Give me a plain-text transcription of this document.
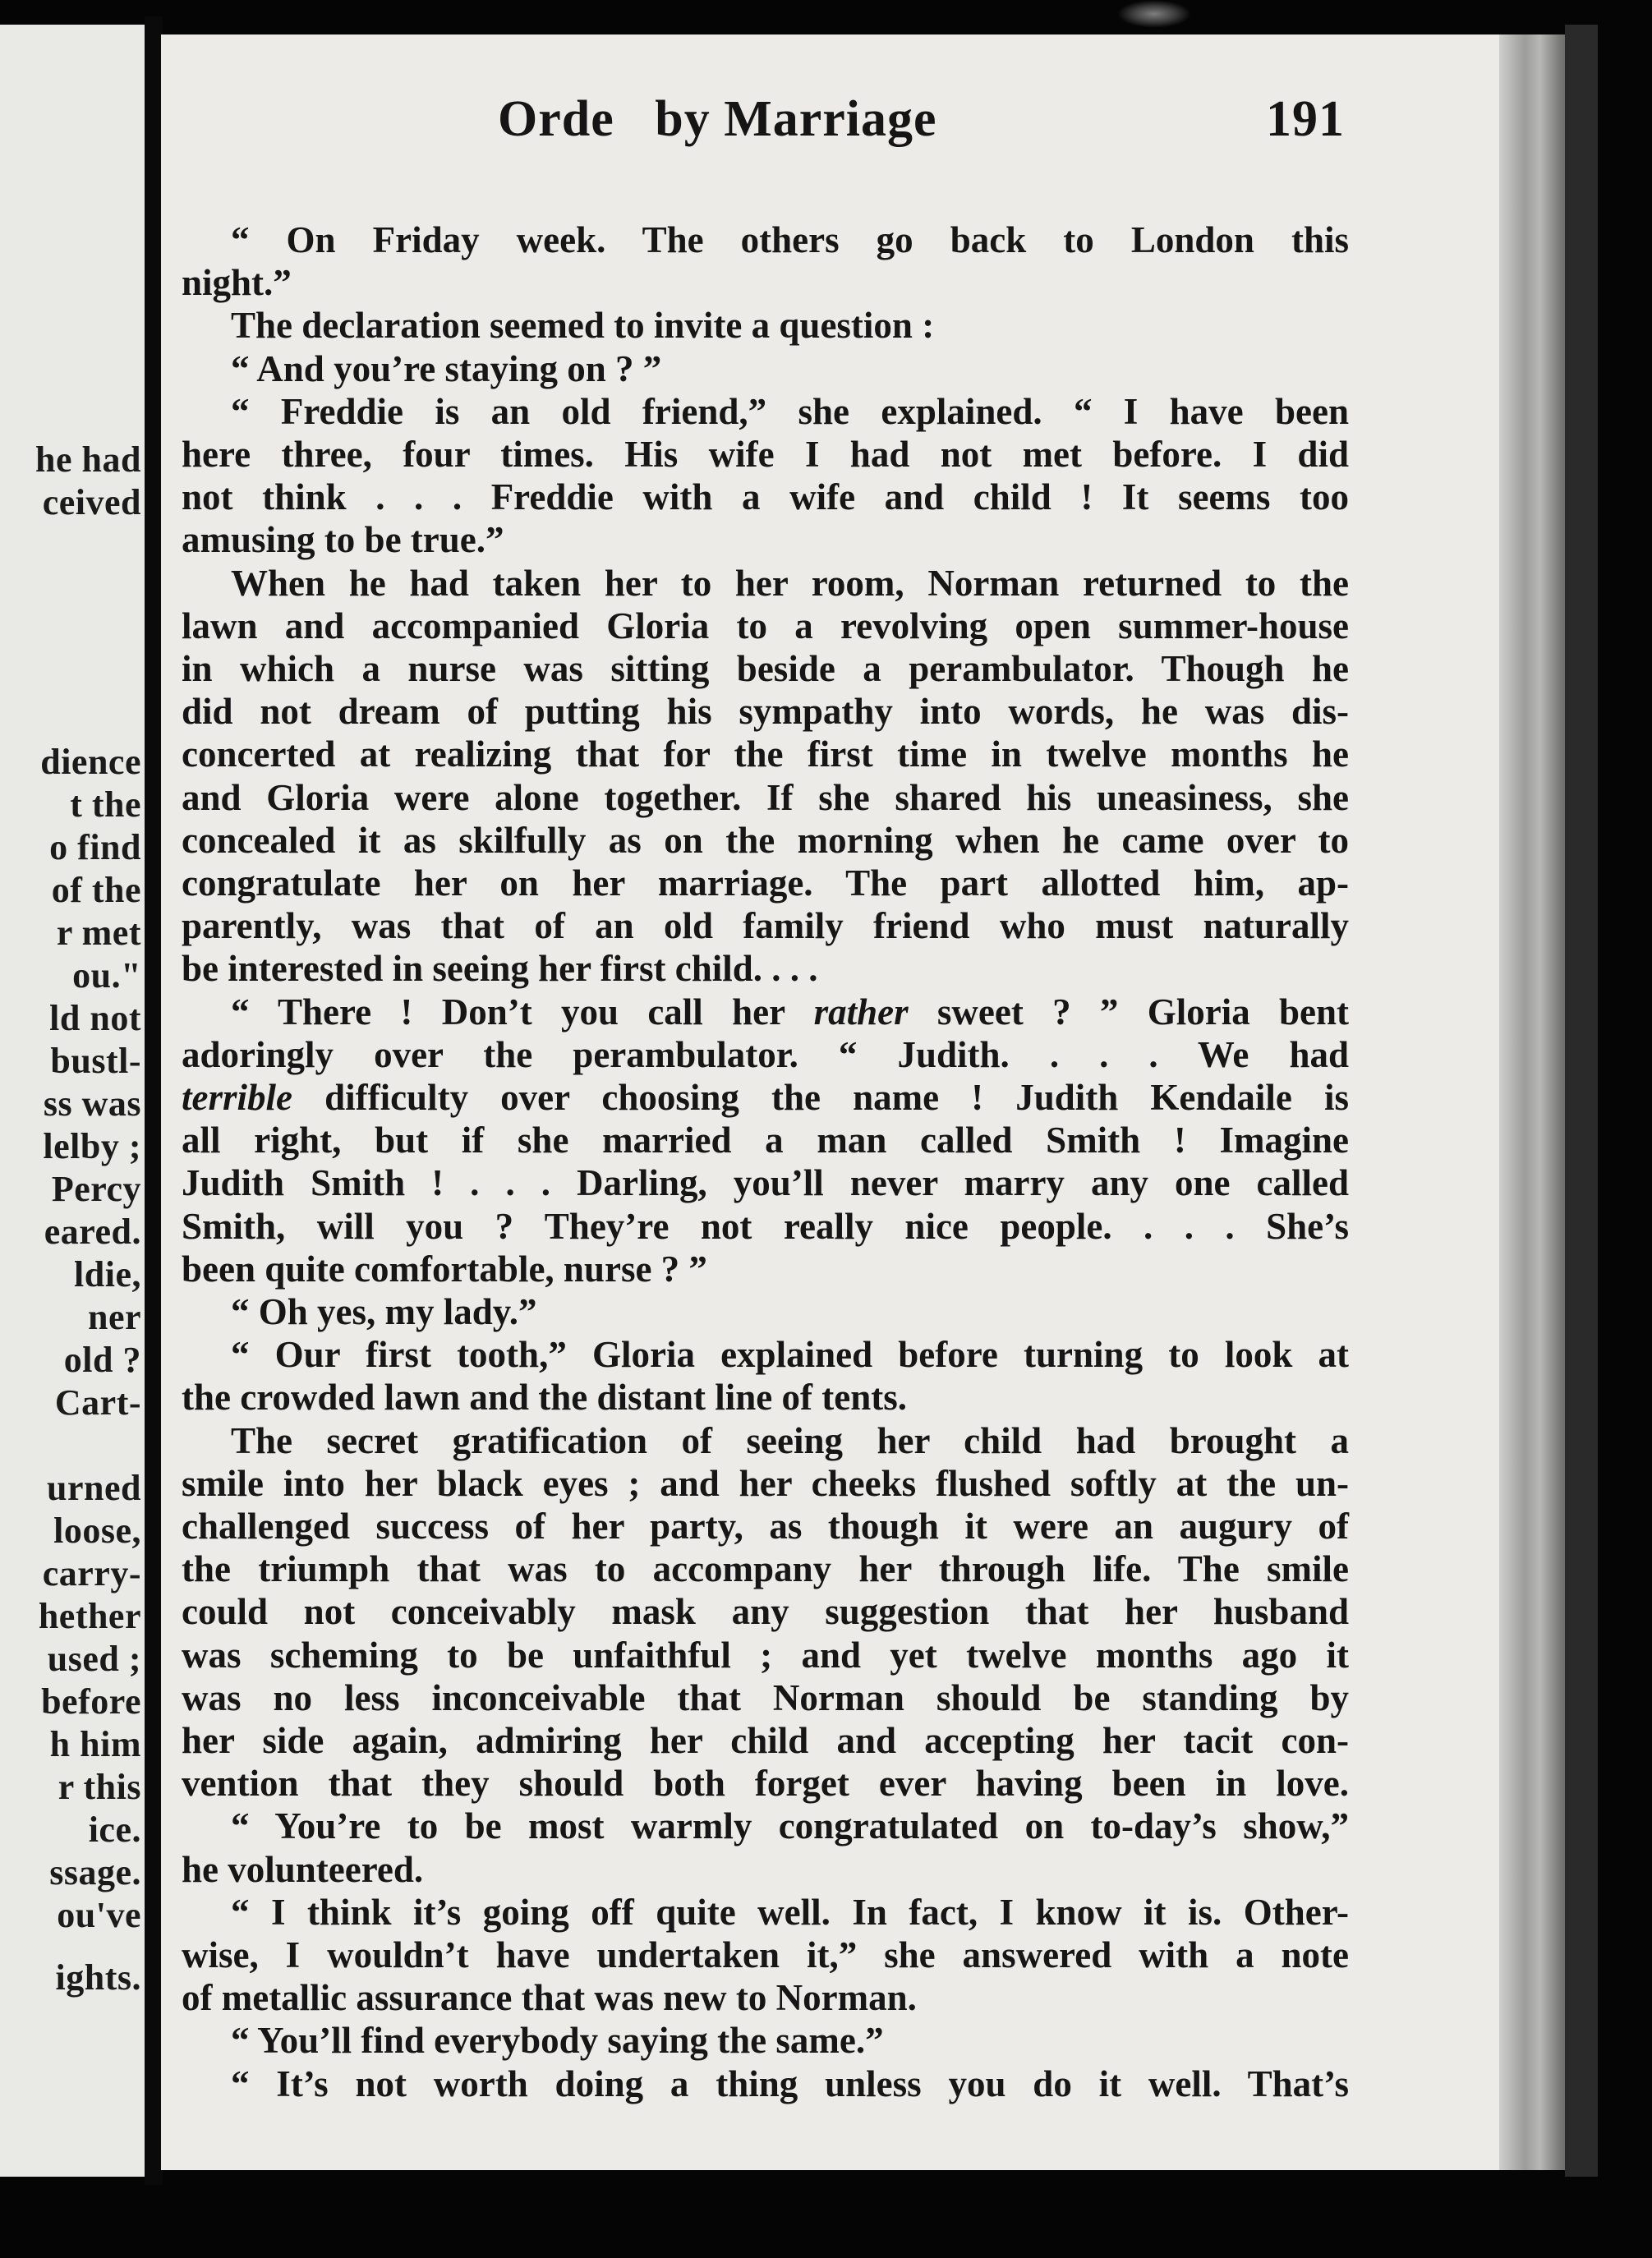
he had
ceived
dience
t the
o find
of the
r met
ou."
ld not
bustl-
ss was
lelby ;
Percy
eared.
ldie,
ner
old ?
Cart-
urned
loose,
carry-
hether
used ;
before
h him
r this
ice.
ssage.
ou've
ights.
Orde   by Marriage	191
“ On Friday week. The others go back to London this
night.”
The declaration seemed to invite a question :
“ And you’re staying on ? ”
“ Freddie is an old friend,” she explained. “ I have been
here three, four times. His wife I had not met before. I did
not think . . . Freddie with a wife and child ! It seems too
amusing to be true.”
When he had taken her to her room, Norman returned to the
lawn and accompanied Gloria to a revolving open summer-house
in which a nurse was sitting beside a perambulator. Though he
did not dream of putting his sympathy into words, he was dis-
concerted at realizing that for the first time in twelve months he
and Gloria were alone together. If she shared his uneasiness, she
concealed it as skilfully as on the morning when he came over to
congratulate her on her marriage. The part allotted him, ap-
parently, was that of an old family friend who must naturally
be interested in seeing her first child. . . .
“ There ! Don’t you call her rather sweet ? ” Gloria bent
adoringly over the perambulator. “ Judith. . . . We had
terrible difficulty over choosing the name ! Judith Kendaile is
all right, but if she married a man called Smith ! Imagine
Judith Smith ! . . . Darling, you’ll never marry any one called
Smith, will you ? They’re not really nice people. . . . She’s
been quite comfortable, nurse ? ”
“ Oh yes, my lady.”
“ Our first tooth,” Gloria explained before turning to look at
the crowded lawn and the distant line of tents.
The secret gratification of seeing her child had brought a
smile into her black eyes ; and her cheeks flushed softly at the un-
challenged success of her party, as though it were an augury of
the triumph that was to accompany her through life. The smile
could not conceivably mask any suggestion that her husband
was scheming to be unfaithful ; and yet twelve months ago it
was no less inconceivable that Norman should be standing by
her side again, admiring her child and accepting her tacit con-
vention that they should both forget ever having been in love.
“ You’re to be most warmly congratulated on to-day’s show,”
he volunteered.
“ I think it’s going off quite well. In fact, I know it is. Other-
wise, I wouldn’t have undertaken it,” she answered with a note
of metallic assurance that was new to Norman.
“ You’ll find everybody saying the same.”
“ It’s not worth doing a thing unless you do it well. That’s
